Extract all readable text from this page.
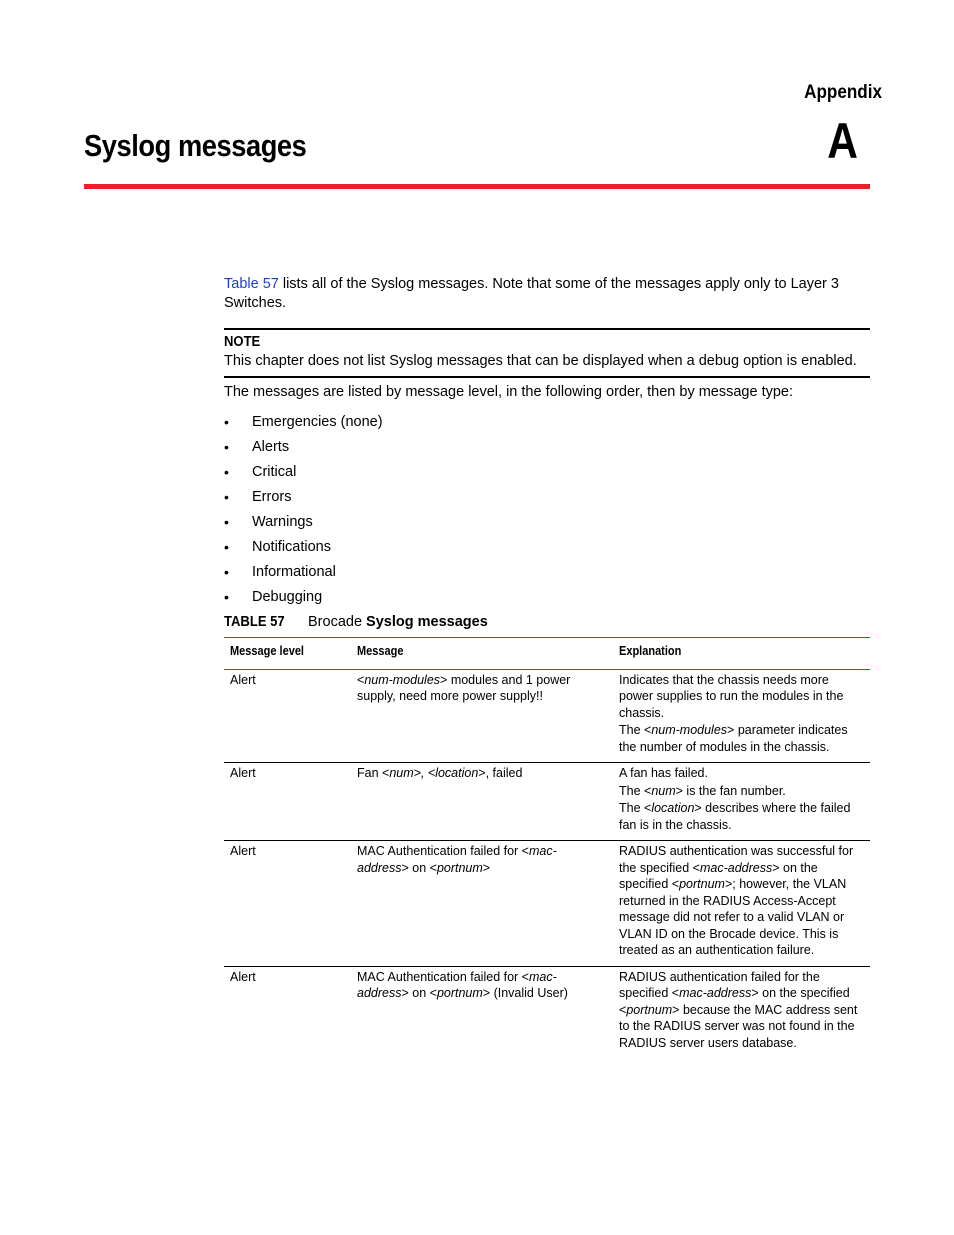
Appendix
Syslog messages	A
Table 57 lists all of the Syslog messages. Note that some of the messages apply only to Layer 3 Switches.
NOTE
This chapter does not list Syslog messages that can be displayed when a debug option is enabled.
The messages are listed by message level, in the following order, then by message type:
•	Emergencies (none)
•	Alerts
•	Critical
•	Errors
•	Warnings
•	Notifications
•	Informational
•	Debugging
TABLE 57 Brocade Syslog messages
Message level	Message	Explanation
Alert	<num-modules> modules and 1 power supply, need more power supply!!	Indicates that the chassis needs more power supplies to run the modules in the chassis.

The <num-modules> parameter indicates the number of modules in the chassis.

Alert	Fan <num>, <location>, failed	A fan has failed.

The <num> is the fan number.

The <location> describes where the failed fan is in the chassis.

Alert	MAC Authentication failed for <mac-address> on <portnum>	RADIUS authentication was successful for the specified <mac-address> on the specified <portnum>; however, the VLAN returned in the RADIUS Access-Accept message did not refer to a valid VLAN or VLAN ID on the Brocade device. This is treated as an authentication failure.

Alert	MAC Authentication failed for <mac-address> on <portnum> (Invalid User)	RADIUS authentication failed for the specified <mac-address> on the specified <portnum> because the MAC address sent to the RADIUS server was not found in the RADIUS server users database.
